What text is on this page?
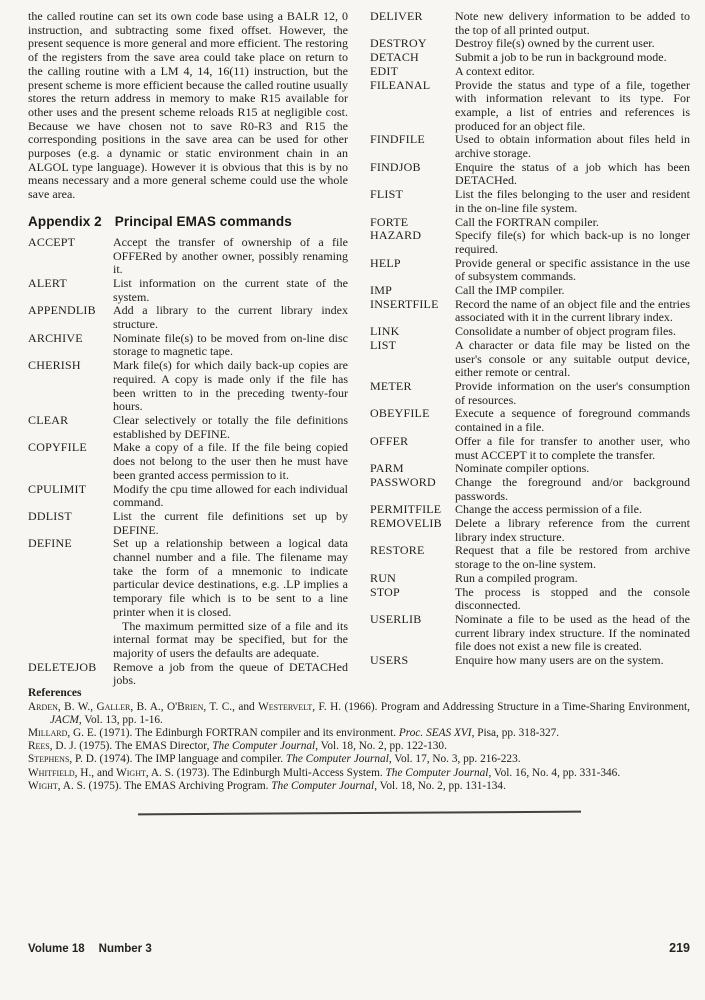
the called routine can set its own code base using a BALR 12, 0 instruction, and subtracting some fixed offset. However, the present sequence is more general and more efficient. The restoring of the registers from the save area could take place on return to the calling routine with a LM 4, 14, 16(11) instruction, but the present scheme is more efficient because the called routine usually stores the return address in memory to make R15 available for other uses and the present scheme reloads R15 at negligible cost. Because we have chosen not to save R0-R3 and R15 the corresponding positions in the save area can be used for other purposes (e.g. a dynamic or static environment chain in an ALGOL type language). However it is obvious that this is by no means necessary and a more general scheme could use the whole save area.

Appendix 2 Principal EMAS commands
ACCEPT	Accept the transfer of ownership of a file OFFERed by another owner, possibly renaming it.

ALERT	List information on the current state of the system.

APPENDLIB	Add a library to the current library index structure.

ARCHIVE	Nominate file(s) to be moved from on-line disc storage to magnetic tape.

CHERISH	Mark file(s) for which daily back-up copies are required. A copy is made only if the file has been written to in the preceding twenty-four hours.

CLEAR	Clear selectively or totally the file definitions established by DEFINE.

COPYFILE	Make a copy of a file. If the file being copied does not belong to the user then he must have been granted access permission to it.

CPULIMIT	Modify the cpu time allowed for each individual command.

DDLIST	List the current file definitions set up by DEFINE.

DEFINE	Set up a relationship between a logical data channel number and a file. The filename may take the form of a mnemonic to indicate particular device destinations, e.g. .LP implies a temporary file which is to be sent to a line printer when it is closed.

The maximum permitted size of a file and its internal format may be specified, but for the majority of users the defaults are adequate.

DELETEJOB	Remove a job from the queue of DETACHed jobs.

DELIVER	Note new delivery information to be added to the top of all printed output.

DESTROY	Destroy file(s) owned by the current user.

DETACH	Submit a job to be run in background mode.

EDIT	A context editor.

FILEANAL	Provide the status and type of a file, together with information relevant to its type. For example, a list of entries and references is produced for an object file.

FINDFILE	Used to obtain information about files held in archive storage.

FINDJOB	Enquire the status of a job which has been DETACHed.

FLIST	List the files belonging to the user and resident in the on-line file system.

FORTE	Call the FORTRAN compiler.

HAZARD	Specify file(s) for which back-up is no longer required.

HELP	Provide general or specific assistance in the use of subsystem commands.

IMP	Call the IMP compiler.

INSERTFILE	Record the name of an object file and the entries associated with it in the current library index.

LINK	Consolidate a number of object program files.

LIST	A character or data file may be listed on the user's console or any suitable output device, either remote or central.

METER	Provide information on the user's consumption of resources.

OBEYFILE	Execute a sequence of foreground commands contained in a file.

OFFER	Offer a file for transfer to another user, who must ACCEPT it to complete the transfer.

PARM	Nominate compiler options.

PASSWORD	Change the foreground and/or background passwords.

PERMITFILE	Change the access permission of a file.

REMOVELIB	Delete a library reference from the current library index structure.

RESTORE	Request that a file be restored from archive storage to the on-line system.

RUN	Run a compiled program.

STOP	The process is stopped and the console disconnected.

USERLIB	Nominate a file to be used as the head of the current library index structure. If the nominated file does not exist a new file is created.

USERS	Enquire how many users are on the system.

References
Arden, B. W., Galler, B. A., O'Brien, T. C., and Westervelt, F. H. (1966). Program and Addressing Structure in a Time-Sharing Environment, JACM, Vol. 13, pp. 1-16.
Millard, G. E. (1971). The Edinburgh FORTRAN compiler and its environment. Proc. SEAS XVI, Pisa, pp. 318-327.
Rees, D. J. (1975). The EMAS Director, The Computer Journal, Vol. 18, No. 2, pp. 122-130.
Stephens, P. D. (1974). The IMP language and compiler. The Computer Journal, Vol. 17, No. 3, pp. 216-223.
Whitfield, H., and Wight, A. S. (1973). The Edinburgh Multi-Access System. The Computer Journal, Vol. 16, No. 4, pp. 331-346.
Wight, A. S. (1975). The EMAS Archiving Program. The Computer Journal, Vol. 18, No. 2, pp. 131-134.
Volume 18 Number 3	219
